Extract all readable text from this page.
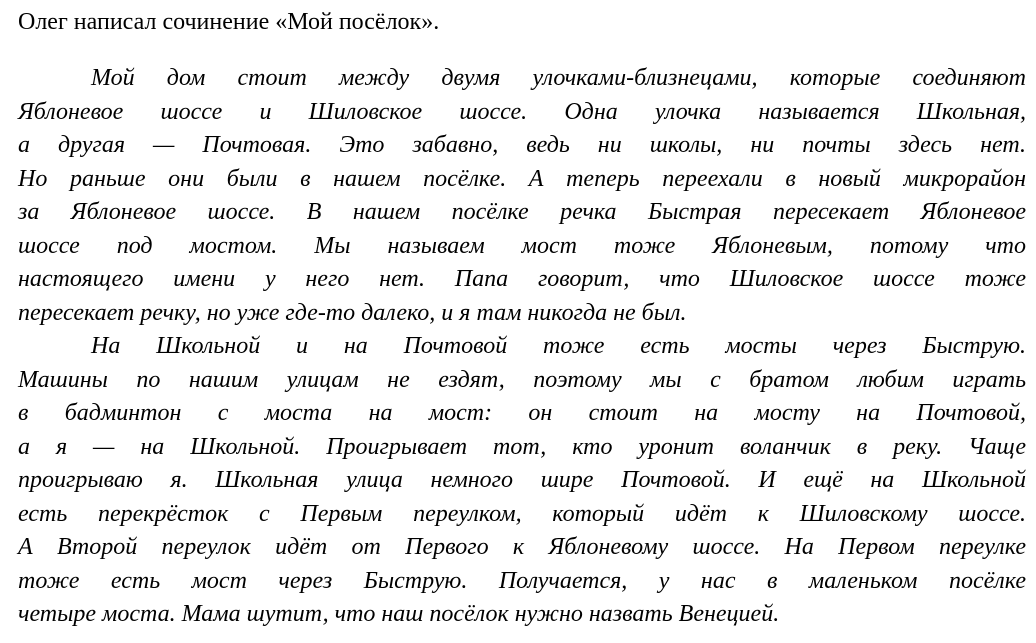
Олег написал сочинение «Мой посёлок».
Мой дом стоит между двумя улочками-близнецами, которые соединяют
Яблоневое шоссе и Шиловское шоссе. Одна улочка называется Школьная,
а другая — Почтовая. Это забавно, ведь ни школы, ни почты здесь нет.
Но раньше они были в нашем посёлке. А теперь переехали в новый микрорайон
за Яблоневое шоссе. В нашем посёлке речка Быстрая пересекает Яблоневое
шоссе под мостом. Мы называем мост тоже Яблоневым, потому что
настоящего имени у него нет. Папа говорит, что Шиловское шоссе тоже
пересекает речку, но уже где-то далеко, и я там никогда не был.
На Школьной и на Почтовой тоже есть мосты через Быструю.
Машины по нашим улицам не ездят, поэтому мы с братом любим играть
в бадминтон с моста на мост: он стоит на мосту на Почтовой,
а я — на Школьной. Проигрывает тот, кто уронит воланчик в реку. Чаще
проигрываю я. Школьная улица немного шире Почтовой. И ещё на Школьной
есть перекрёсток с Первым переулком, который идёт к Шиловскому шоссе.
А Второй переулок идёт от Первого к Яблоневому шоссе. На Первом переулке
тоже есть мост через Быструю. Получается, у нас в маленьком посёлке
четыре моста. Мама шутит, что наш посёлок нужно назвать Венецией.
